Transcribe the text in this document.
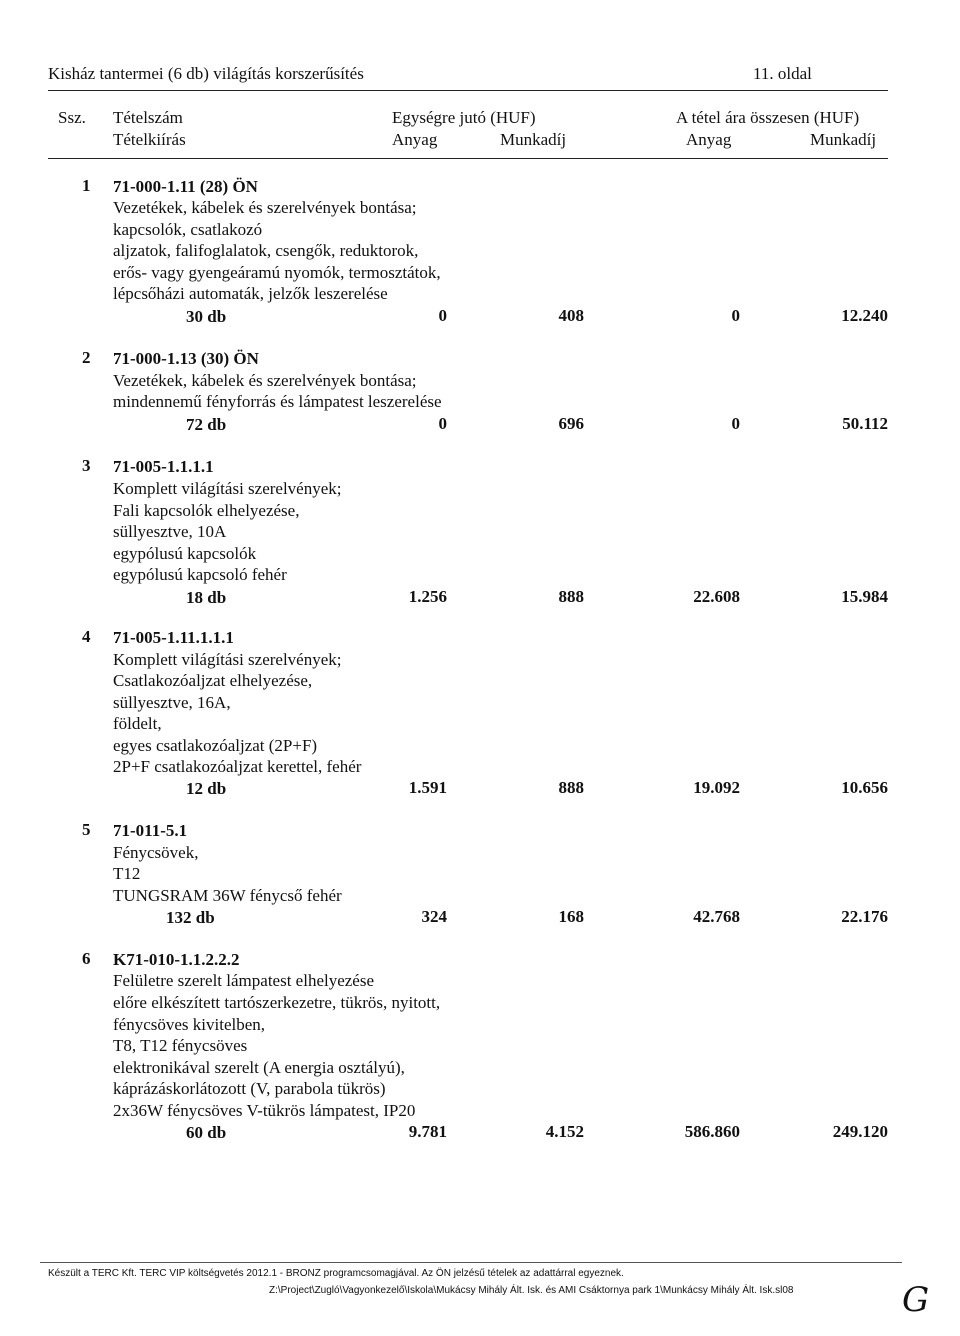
Kisház tantermei (6 db) világítás korszerűsítés	11. oldal
Ssz. Tételszám
Tételkiírás
Egységre jutó (HUF)	A tétel ára összesen (HUF)
Anyag	Munkadíj	Anyag	Munkadíj
1 71-000-1.11 (28) ÖN
Vezetékek, kábelek és szerelvények bontása;
kapcsolók, csatlakozó
aljzatok, falifoglalatok, csengők, reduktorok,
erős- vagy gyengeáramú nyomók, termosztátok,
lépcsőházi automaták, jelzők leszerelése
30 db	0	408	0	12.240
2 71-000-1.13 (30) ÖN
Vezetékek, kábelek és szerelvények bontása;
mindennemű fényforrás és lámpatest leszerelése
72 db	0	696	0	50.112
3 71-005-1.1.1.1
Komplett világítási szerelvények;
Fali kapcsolók elhelyezése,
süllyesztve, 10A
egypólusú kapcsolók
egypólusú kapcsoló fehér
18 db	1.256	888	22.608	15.984
4 71-005-1.11.1.1.1
Komplett világítási szerelvények;
Csatlakozóaljzat elhelyezése,
süllyesztve, 16A,
földelt,
egyes csatlakozóaljzat (2P+F)
2P+F csatlakozóaljzat kerettel, fehér
12 db	1.591	888	19.092	10.656
5 71-011-5.1
Fénycsövek,
T12
TUNGSRAM 36W fénycső fehér
132 db	324	168	42.768	22.176
6 K71-010-1.1.2.2.2
Felületre szerelt lámpatest elhelyezése
előre elkészített tartószerkezetre, tükrös, nyitott,
fénycsöves kivitelben,
T8, T12 fénycsöves
elektronikával szerelt (A energia osztályú),
káprázáskorlátozott (V, parabola tükrös)
2x36W fénycsöves V-tükrös lámpatest, IP20
60 db	9.781	4.152	586.860	249.120
Készült a TERC Kft. TERC VIP költségvetés 2012.1 - BRONZ programcsomagjával. Az ÖN jelzésű tételek az adattárral egyeznek.
Z:\Project\Zugló\Vagyonkezelő\Iskola\Mukácsy Mihály Ált. Isk. és AMI Csáktornya park 1\Munkácsy Mihály Ált. Isk.sl08	G
